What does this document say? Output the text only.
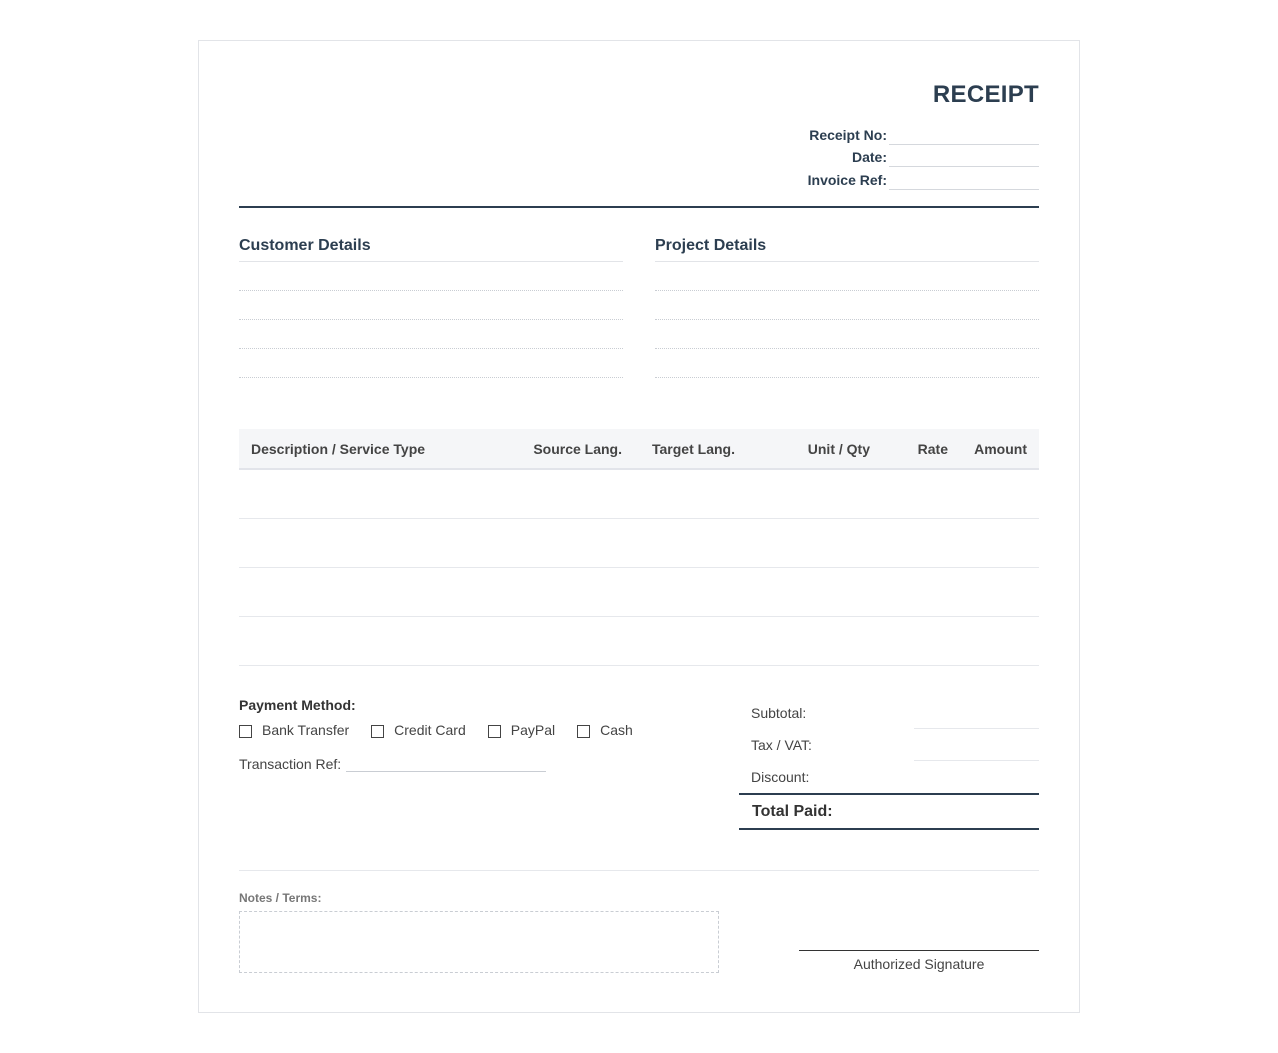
RECEIPT
Receipt No:
Date:
Invoice Ref:
Customer Details	Project Details
Description / Service Type	Source Lang.	Target Lang.	Unit / Qty	Rate	Amount
Payment Method:
Bank Transfer	Credit Card	PayPal	Cash
Transaction Ref:
Subtotal:
Tax / VAT:
Discount:
Total Paid:
Notes / Terms:
Authorized Signature
